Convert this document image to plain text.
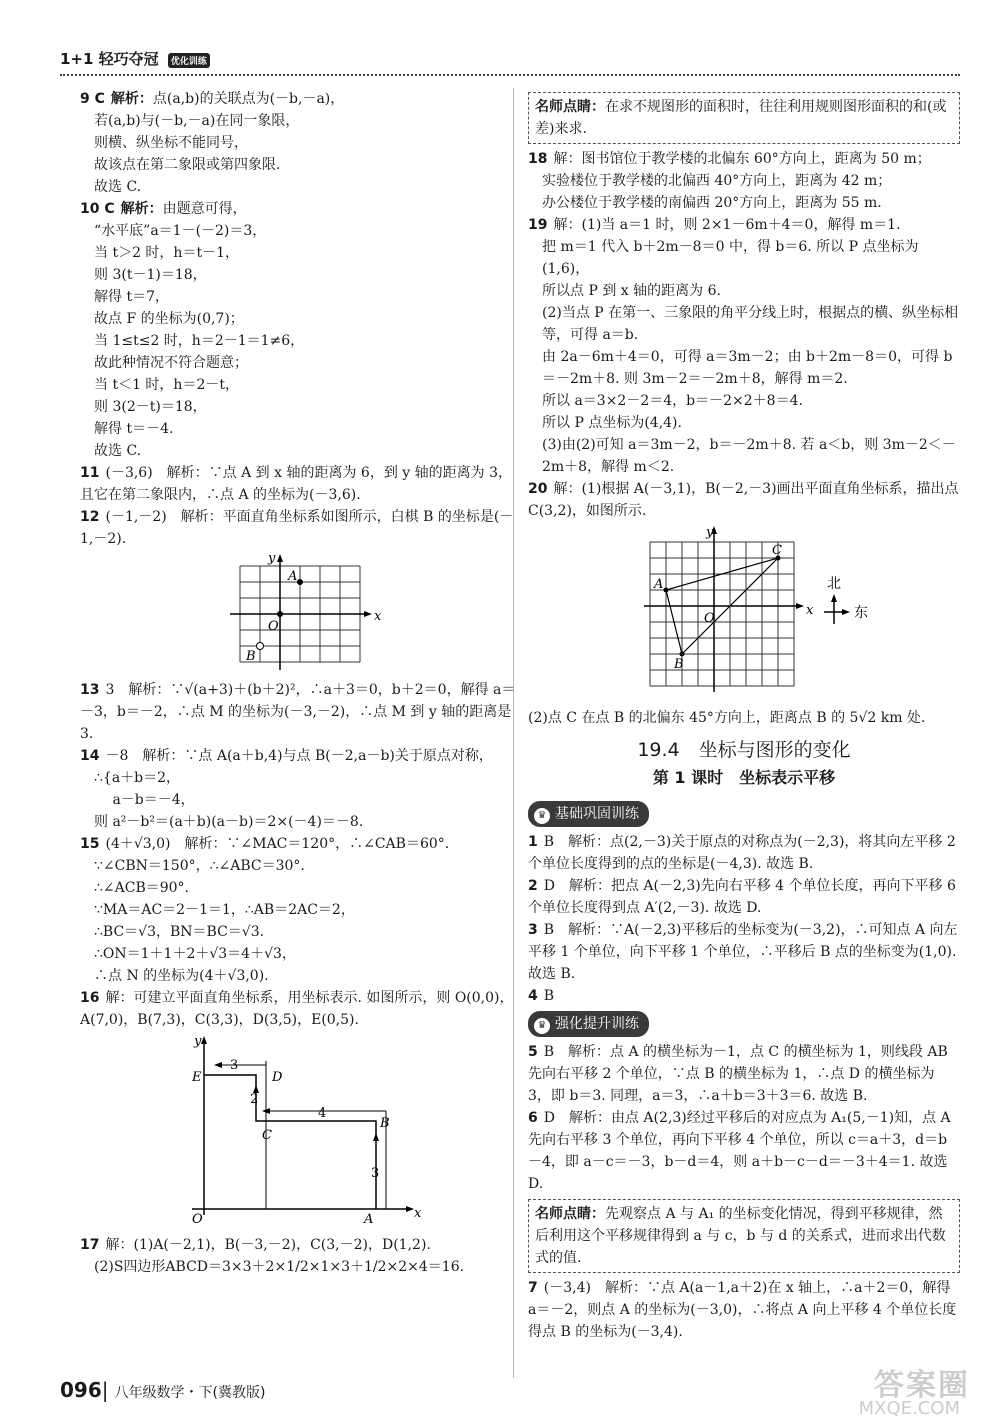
1+1 轻巧夺冠 优化训练

9 C 解析：点(a,b)的关联点为(－b,－a)，

若(a,b)与(－b,－a)在同一象限，

则横、纵坐标不能同号，

故该点在第二象限或第四象限.

故选 C.

10 C 解析：由题意可得，

“水平底”a＝1－(－2)＝3，

当 t＞2 时，h＝t－1，

则 3(t－1)＝18，

解得 t＝7，

故点 F 的坐标为(0,7)；

当 1≤t≤2 时，h＝2－1＝1≠6，

故此种情况不符合题意；

当 t＜1 时，h＝2－t，

则 3(2－t)＝18，

解得 t＝－4.

故选 C.

11 (－3,6)　解析：∵点 A 到 x 轴的距离为 6，到 y 轴的距离为 3，且它在第二象限内，∴点 A 的坐标为(－3,6).

12 (－1,－2)　解析：平面直角坐标系如图所示，白棋 B 的坐标是(－1,－2).

x
y
O
A
B

13 3　解析：∵√(a+3)＋(b＋2)²，∴a＋3＝0，b＋2＝0，解得 a＝－3，b＝－2，∴点 M 的坐标为(－3,－2)，∴点 M 到 y 轴的距离是 3.

14 －8　解析：∵点 A(a＋b,4)与点 B(－2,a－b)关于原点对称，

∴{a＋b＝2，

　 a－b＝－4，

则 a²－b²＝(a＋b)(a－b)＝2×(－4)＝－8.

15 (4＋√3,0)　解析：∵∠MAC＝120°，∴∠CAB＝60°.

∵∠CBN＝150°，∴∠ABC＝30°.

∴∠ACB＝90°.

∵MA＝AC＝2－1＝1，∴AB＝2AC＝2，

∴BC＝√3，BN＝BC＝√3.

∴ON＝1＋1＋2＋√3＝4＋√3，

∴点 N 的坐标为(4＋√3,0).

16 解：可建立平面直角坐标系，用坐标表示. 如图所示，则 O(0,0)，A(7,0)，B(7,3)，C(3,3)，D(3,5)，E(0,5).

3
2
4
3
y
x
O
E	D
C
B
A

17 解：(1)A(－2,1)，B(－3,－2)，C(3,－2)，D(1,2).

(2)S四边形ABCD＝3×3＋2×1/2×1×3＋1/2×2×4＝16.

名师点睛：在求不规图形的面积时，往往利用规则图形面积的和(或差)来求.

18 解：图书馆位于教学楼的北偏东 60°方向上，距离为 50 m；

实验楼位于教学楼的北偏西 40°方向上，距离为 42 m；

办公楼位于教学楼的南偏西 20°方向上，距离为 55 m.

19 解：(1)当 a＝1 时，则 2×1－6m＋4＝0，解得 m＝1.

把 m＝1 代入 b＋2m－8＝0 中，得 b＝6. 所以 P 点坐标为(1,6)，

所以点 P 到 x 轴的距离为 6.

(2)当点 P 在第一、三象限的角平分线上时，根据点的横、纵坐标相等，可得 a＝b.

由 2a－6m＋4＝0，可得 a＝3m－2；由 b＋2m－8＝0，可得 b＝－2m＋8. 则 3m－2＝－2m＋8，解得 m＝2.

所以 a＝3×2－2＝4，b＝－2×2＋8＝4.

所以 P 点坐标为(4,4).

(3)由(2)可知 a＝3m－2，b＝－2m＋8. 若 a＜b，则 3m－2＜－2m＋8，解得 m＜2.

20 解：(1)根据 A(－3,1)，B(－2,－3)画出平面直角坐标系，描出点 C(3,2)，如图所示.

A
B
C
O
y
x
北
东

(2)点 C 在点 B 的北偏东 45°方向上，距离点 B 的 5√2 km 处.

19.4　坐标与图形的变化
第 1 课时　坐标表示平移
♛ 基础巩固训练

1 B　解析：点(2,－3)关于原点的对称点为(－2,3)，将其向左平移 2 个单位长度得到的点的坐标是(－4,3). 故选 B.

2 D　解析：把点 A(－2,3)先向右平移 4 个单位长度，再向下平移 6 个单位长度得到点 A′(2,－3). 故选 D.

3 B　解析：∵A(－2,3)平移后的坐标变为(－3,2)，∴可知点 A 向左平移 1 个单位，向下平移 1 个单位，∴平移后 B 点的坐标变为(1,0). 故选 B.

4 B

♛ 强化提升训练

5 B　解析：点 A 的横坐标为－1，点 C 的横坐标为 1，则线段 AB 先向右平移 2 个单位，∵点 B 的横坐标为 1，∴点 D 的横坐标为 3，即 b＝3. 同理，a＝3，∴a＋b＝3＋3＝6. 故选 B.

6 D　解析：由点 A(2,3)经过平移后的对应点为 A₁(5,－1)知，点 A 先向右平移 3 个单位，再向下平移 4 个单位，所以 c＝a＋3，d＝b－4，即 a－c＝－3，b－d＝4，则 a＋b－c－d＝－3＋4＝1. 故选 D.

名师点睛：先观察点 A 与 A₁ 的坐标变化情况，得到平移规律，然后利用这个平移规律得到 a 与 c，b 与 d 的关系式，进而求出代数式的值.

7 (－3,4)　解析：∵点 A(a－1,a＋2)在 x 轴上，∴a＋2＝0，解得 a＝－2，则点 A 的坐标为(－3,0)，∴将点 A 向上平移 4 个单位长度得点 B 的坐标为(－3,4).

096| 八年级数学・下(冀教版)	答案圈
MXQE.COM
